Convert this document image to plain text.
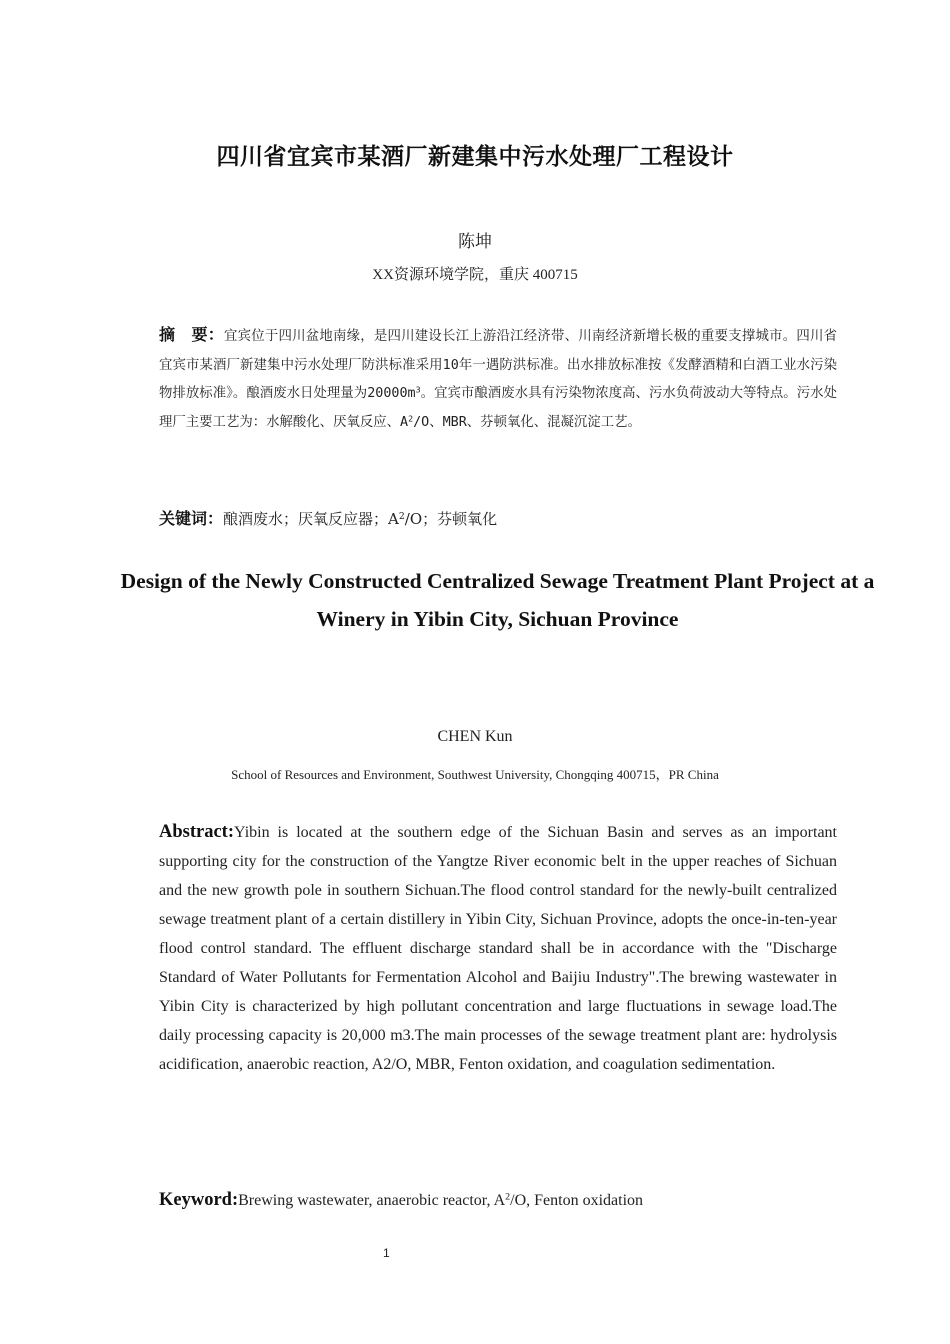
四川省宜宾市某酒厂新建集中污水处理厂工程设计
陈坤
XX资源环境学院，重庆 400715
摘　要：宜宾位于四川盆地南缘，是四川建设长江上游沿江经济带、川南经济新增长极的重要支撑城市。四川省宜宾市某酒厂新建集中污水处理厂防洪标准采用10年一遇防洪标准。出水排放标准按《发酵酒精和白酒工业水污染物排放标准》。酿酒废水日处理量为$20000m^3$。宜宾市酿酒废水具有污染物浓度高、污水负荷波动大等特点。污水处理厂主要工艺为：水解酸化、厌氧反应、$A^2/O$、MBR、芬顿氧化、混凝沉淀工艺。
关键词：酿酒废水；厌氧反应器；$A^2/O$；芬顿氧化
Design of the Newly Constructed Centralized Sewage Treatment Plant Project at a Winery in Yibin City, Sichuan Province
CHEN Kun
School of Resources and Environment, Southwest University, Chongqing 400715，PR China
Abstract:Yibin is located at the southern edge of the Sichuan Basin and serves as an important supporting city for the construction of the Yangtze River economic belt in the upper reaches of Sichuan and the new growth pole in southern Sichuan.The flood control standard for the newly-built centralized sewage treatment plant of a certain distillery in Yibin City, Sichuan Province, adopts the once-in-ten-year flood control standard. The effluent discharge standard shall be in accordance with the "Discharge Standard of Water Pollutants for Fermentation Alcohol and Baijiu Industry".The brewing wastewater in Yibin City is characterized by high pollutant concentration and large fluctuations in sewage load.The daily processing capacity is 20,000 m3.The main processes of the sewage treatment plant are: hydrolysis acidification, anaerobic reaction, A2/O, MBR, Fenton oxidation, and coagulation sedimentation.
Keyword:Brewing wastewater, anaerobic reactor, $A^2/O$, Fenton oxidation
1
